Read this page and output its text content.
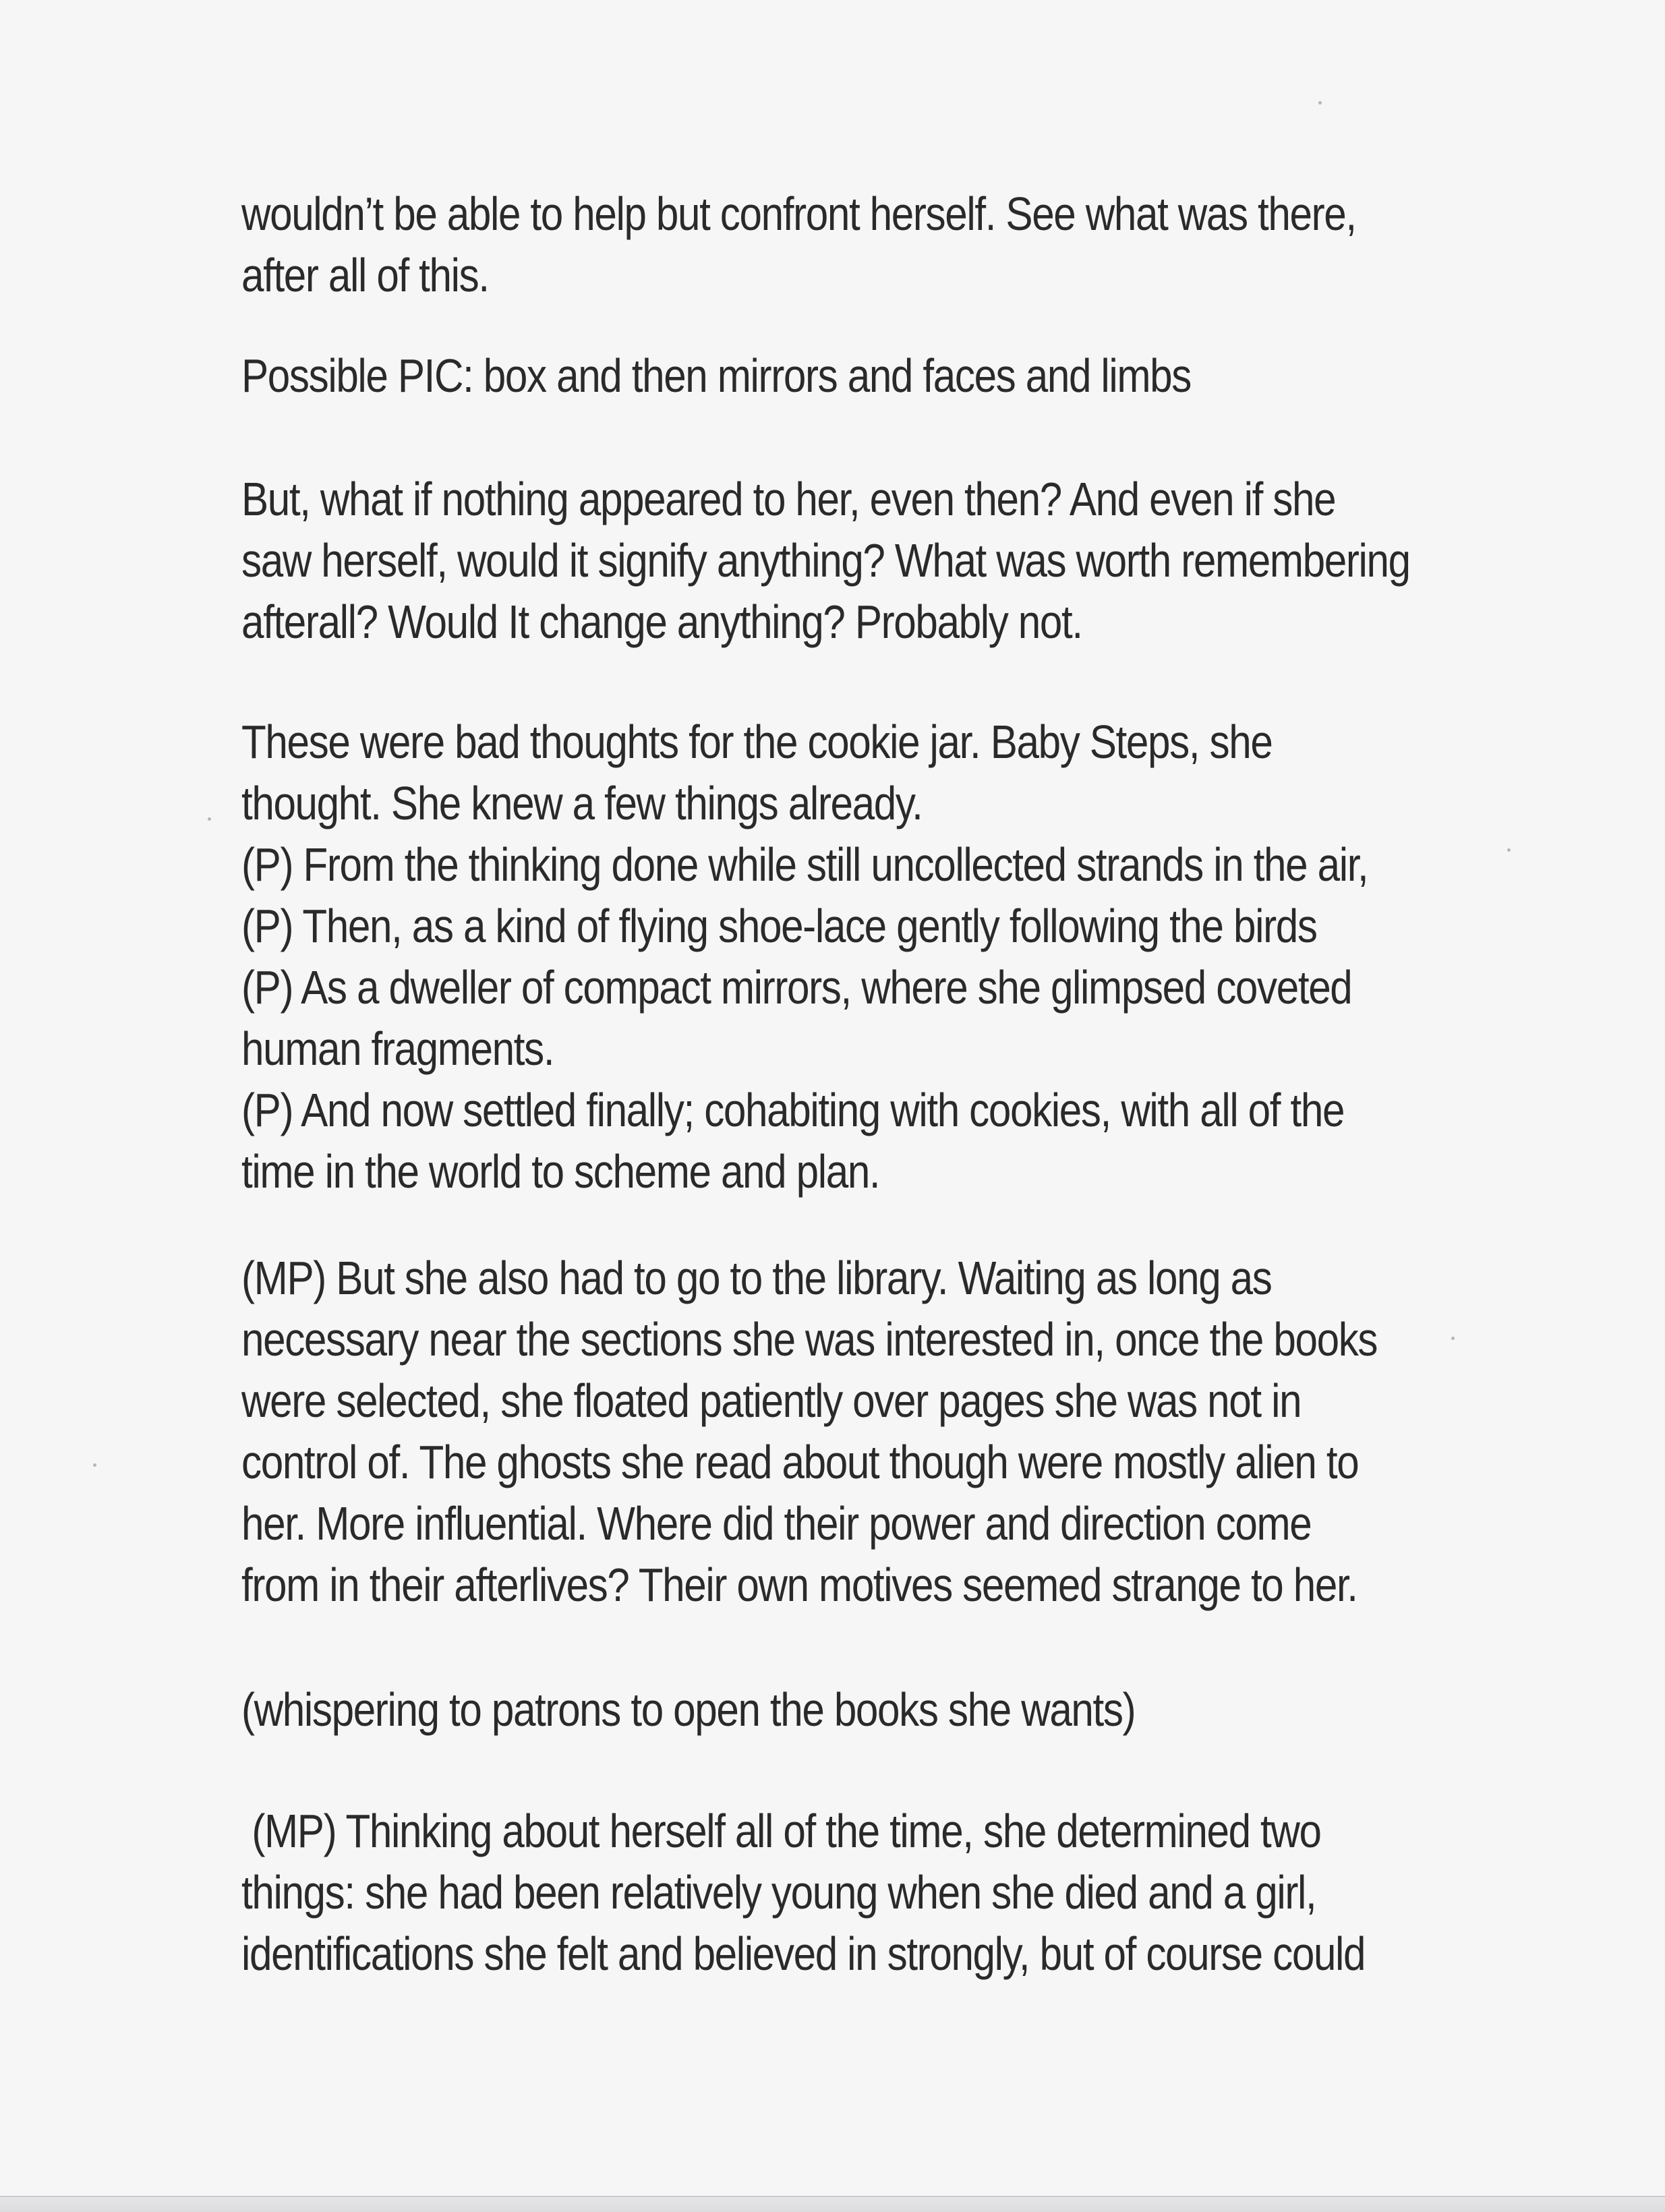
wouldn’t be able to help but confront herself. See what was there,
after all of this.

Possible PIC: box and then mirrors and faces and limbs

But, what if nothing appeared to her, even then? And even if she
saw herself, would it signify anything? What was worth remembering
afterall? Would It change anything? Probably not.

These were bad thoughts for the cookie jar. Baby Steps, she
thought. She knew a few things already.
(P) From the thinking done while still uncollected strands in the air,
(P) Then, as a kind of flying shoe-lace gently following the birds
(P) As a dweller of compact mirrors, where she glimpsed coveted
human fragments.
(P) And now settled finally; cohabiting with cookies, with all of the
time in the world to scheme and plan.

(MP) But she also had to go to the library. Waiting as long as
necessary near the sections she was interested in, once the books
were selected, she floated patiently over pages she was not in
control of. The ghosts she read about though were mostly alien to
her. More influential. Where did their power and direction come
from in their afterlives? Their own motives seemed strange to her.

(whispering to patrons to open the books she wants)

(MP) Thinking about herself all of the time, she determined two
things: she had been relatively young when she died and a girl,
identifications she felt and believed in strongly, but of course could
